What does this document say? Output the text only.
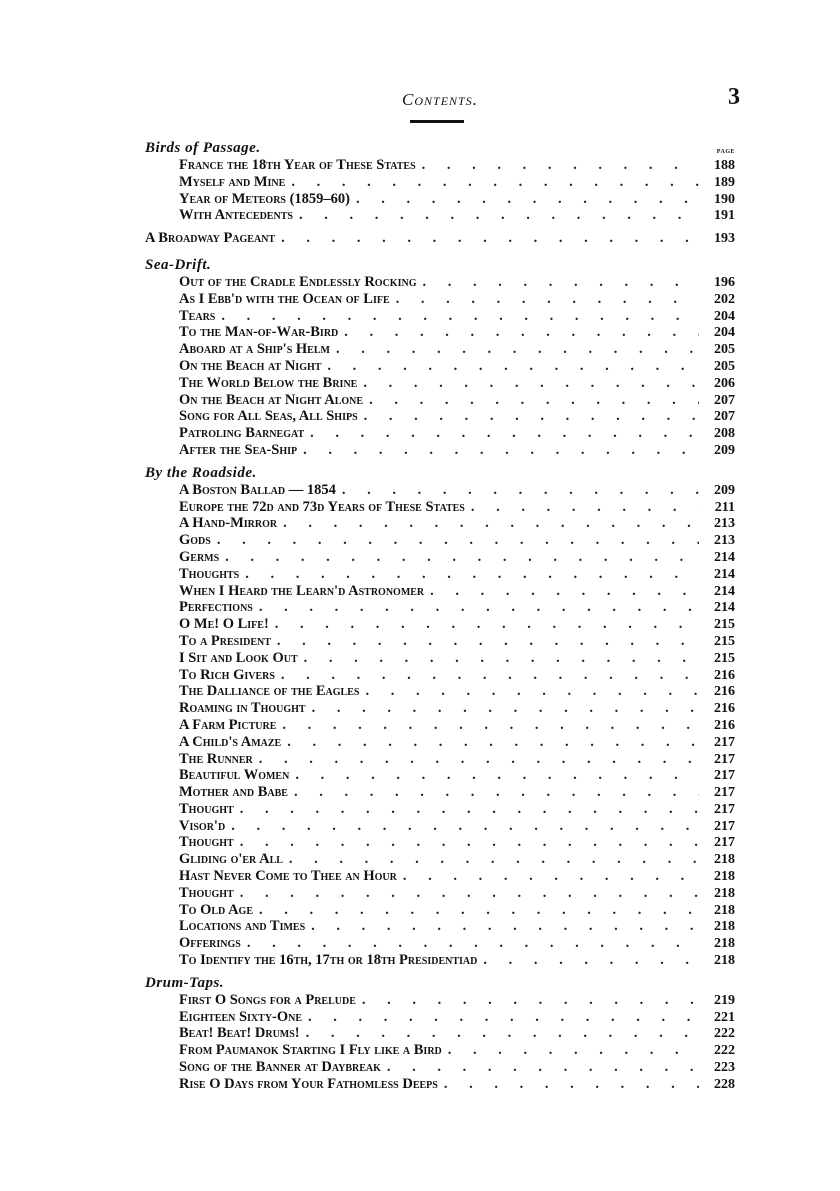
Contents.	3
page
Birds of Passage.
France the 18th Year of These States . . .	188
Myself and Mine . . .	189
Year of Meteors (1859–60) . . .	190
With Antecedents . . .	191
A Broadway Pageant . . .	193
Sea-Drift.
Out of the Cradle Endlessly Rocking . . .	196
As I Ebb'd with the Ocean of Life . . .	202
Tears . . .	204
To the Man-of-War-Bird . . .	204
Aboard at a Ship's Helm . . .	205
On the Beach at Night . . .	205
The World Below the Brine . . .	206
On the Beach at Night Alone . . .	207
Song for All Seas, All Ships . . .	207
Patroling Barnegat . . .	208
After the Sea-Ship . . .	209
By the Roadside.
A Boston Ballad — 1854 . . .	209
Europe the 72d and 73d Years of These States . . .	211
A Hand-Mirror . . .	213
Gods . . .	213
Germs . . .	214
Thoughts . . .	214
When I Heard the Learn'd Astronomer . . .	214
Perfections . . .	214
O Me! O Life! . . .	215
To a President . . .	215
I Sit and Look Out . . .	215
To Rich Givers . . .	216
The Dalliance of the Eagles . . .	216
Roaming in Thought . . .	216
A Farm Picture . . .	216
A Child's Amaze . . .	217
The Runner . . .	217
Beautiful Women . . .	217
Mother and Babe . . .	217
Thought . . .	217
Visor'd . . .	217
Thought . . .	217
Gliding o'er All . . .	218
Hast Never Come to Thee an Hour . . .	218
Thought . . .	218
To Old Age . . .	218
Locations and Times . . .	218
Offerings . . .	218
To Identify the 16th, 17th or 18th Presidentiad . . .	218
Drum-Taps.
First O Songs for a Prelude . . .	219
Eighteen Sixty-One . . .	221
Beat! Beat! Drums! . . .	222
From Paumanok Starting I Fly like a Bird . . .	222
Song of the Banner at Daybreak . . .	223
Rise O Days from Your Fathomless Deeps . . .	228
